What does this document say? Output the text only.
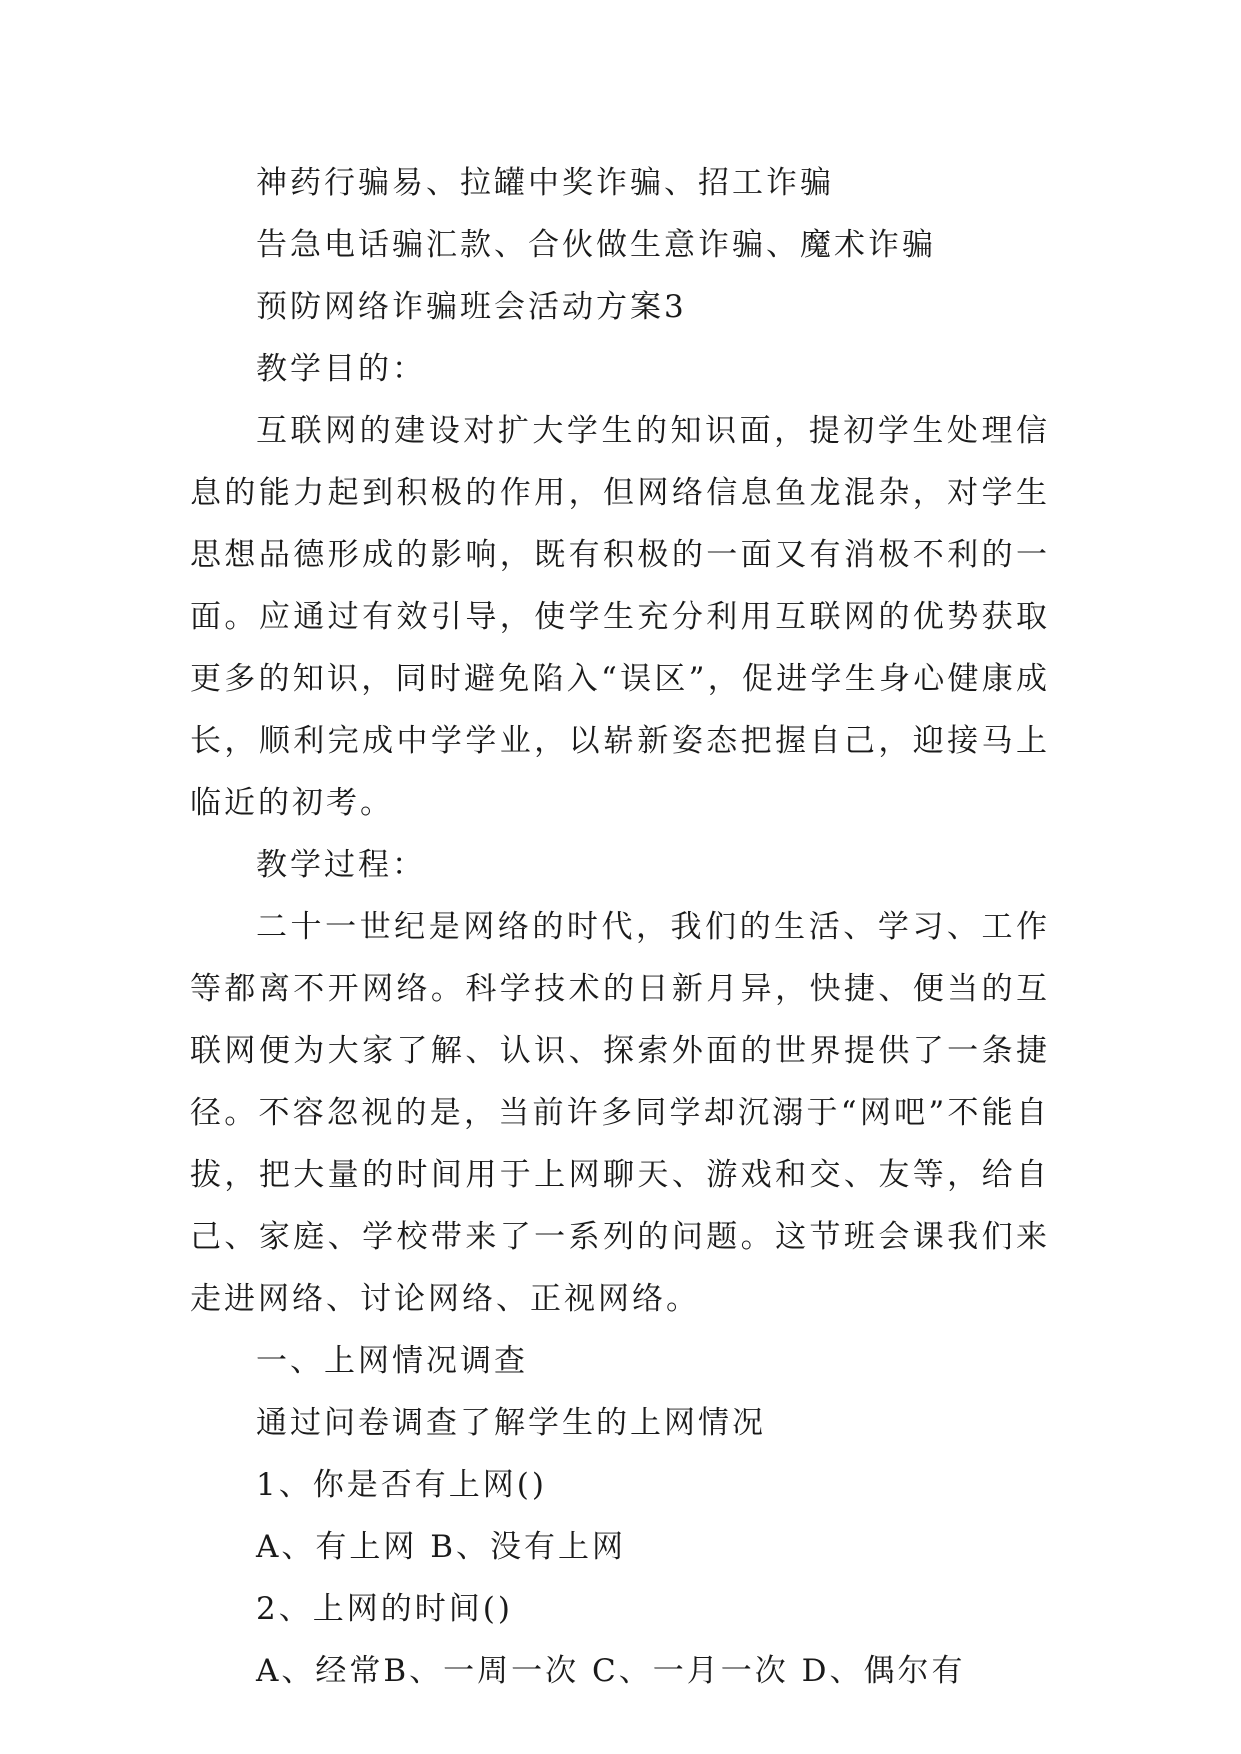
神药行骗易、拉罐中奖诈骗、招工诈骗
告急电话骗汇款、合伙做生意诈骗、魔术诈骗
预防网络诈骗班会活动方案3
教学目的：
互联网的建设对扩大学生的知识面，提初学生处理信息的能力起到积极的作用，但网络信息鱼龙混杂，对学生思想品德形成的影响，既有积极的一面又有消极不利的一面。应通过有效引导，使学生充分利用互联网的优势获取更多的知识，同时避免陷入“误区”，促进学生身心健康成长，顺利完成中学学业，以崭新姿态把握自己，迎接马上临近的初考。
教学过程：
二十一世纪是网络的时代，我们的生活、学习、工作等都离不开网络。科学技术的日新月异，快捷、便当的互联网便为大家了解、认识、探索外面的世界提供了一条捷径。不容忽视的是，当前许多同学却沉溺于“网吧”不能自拔，把大量的时间用于上网聊天、游戏和交、友等，给自己、家庭、学校带来了一系列的问题。这节班会课我们来走进网络、讨论网络、正视网络。
一、上网情况调查
通过问卷调查了解学生的上网情况
1、你是否有上网()
A、有上网 B、没有上网
2、上网的时间()
A、经常B、一周一次 C、一月一次 D、偶尔有
